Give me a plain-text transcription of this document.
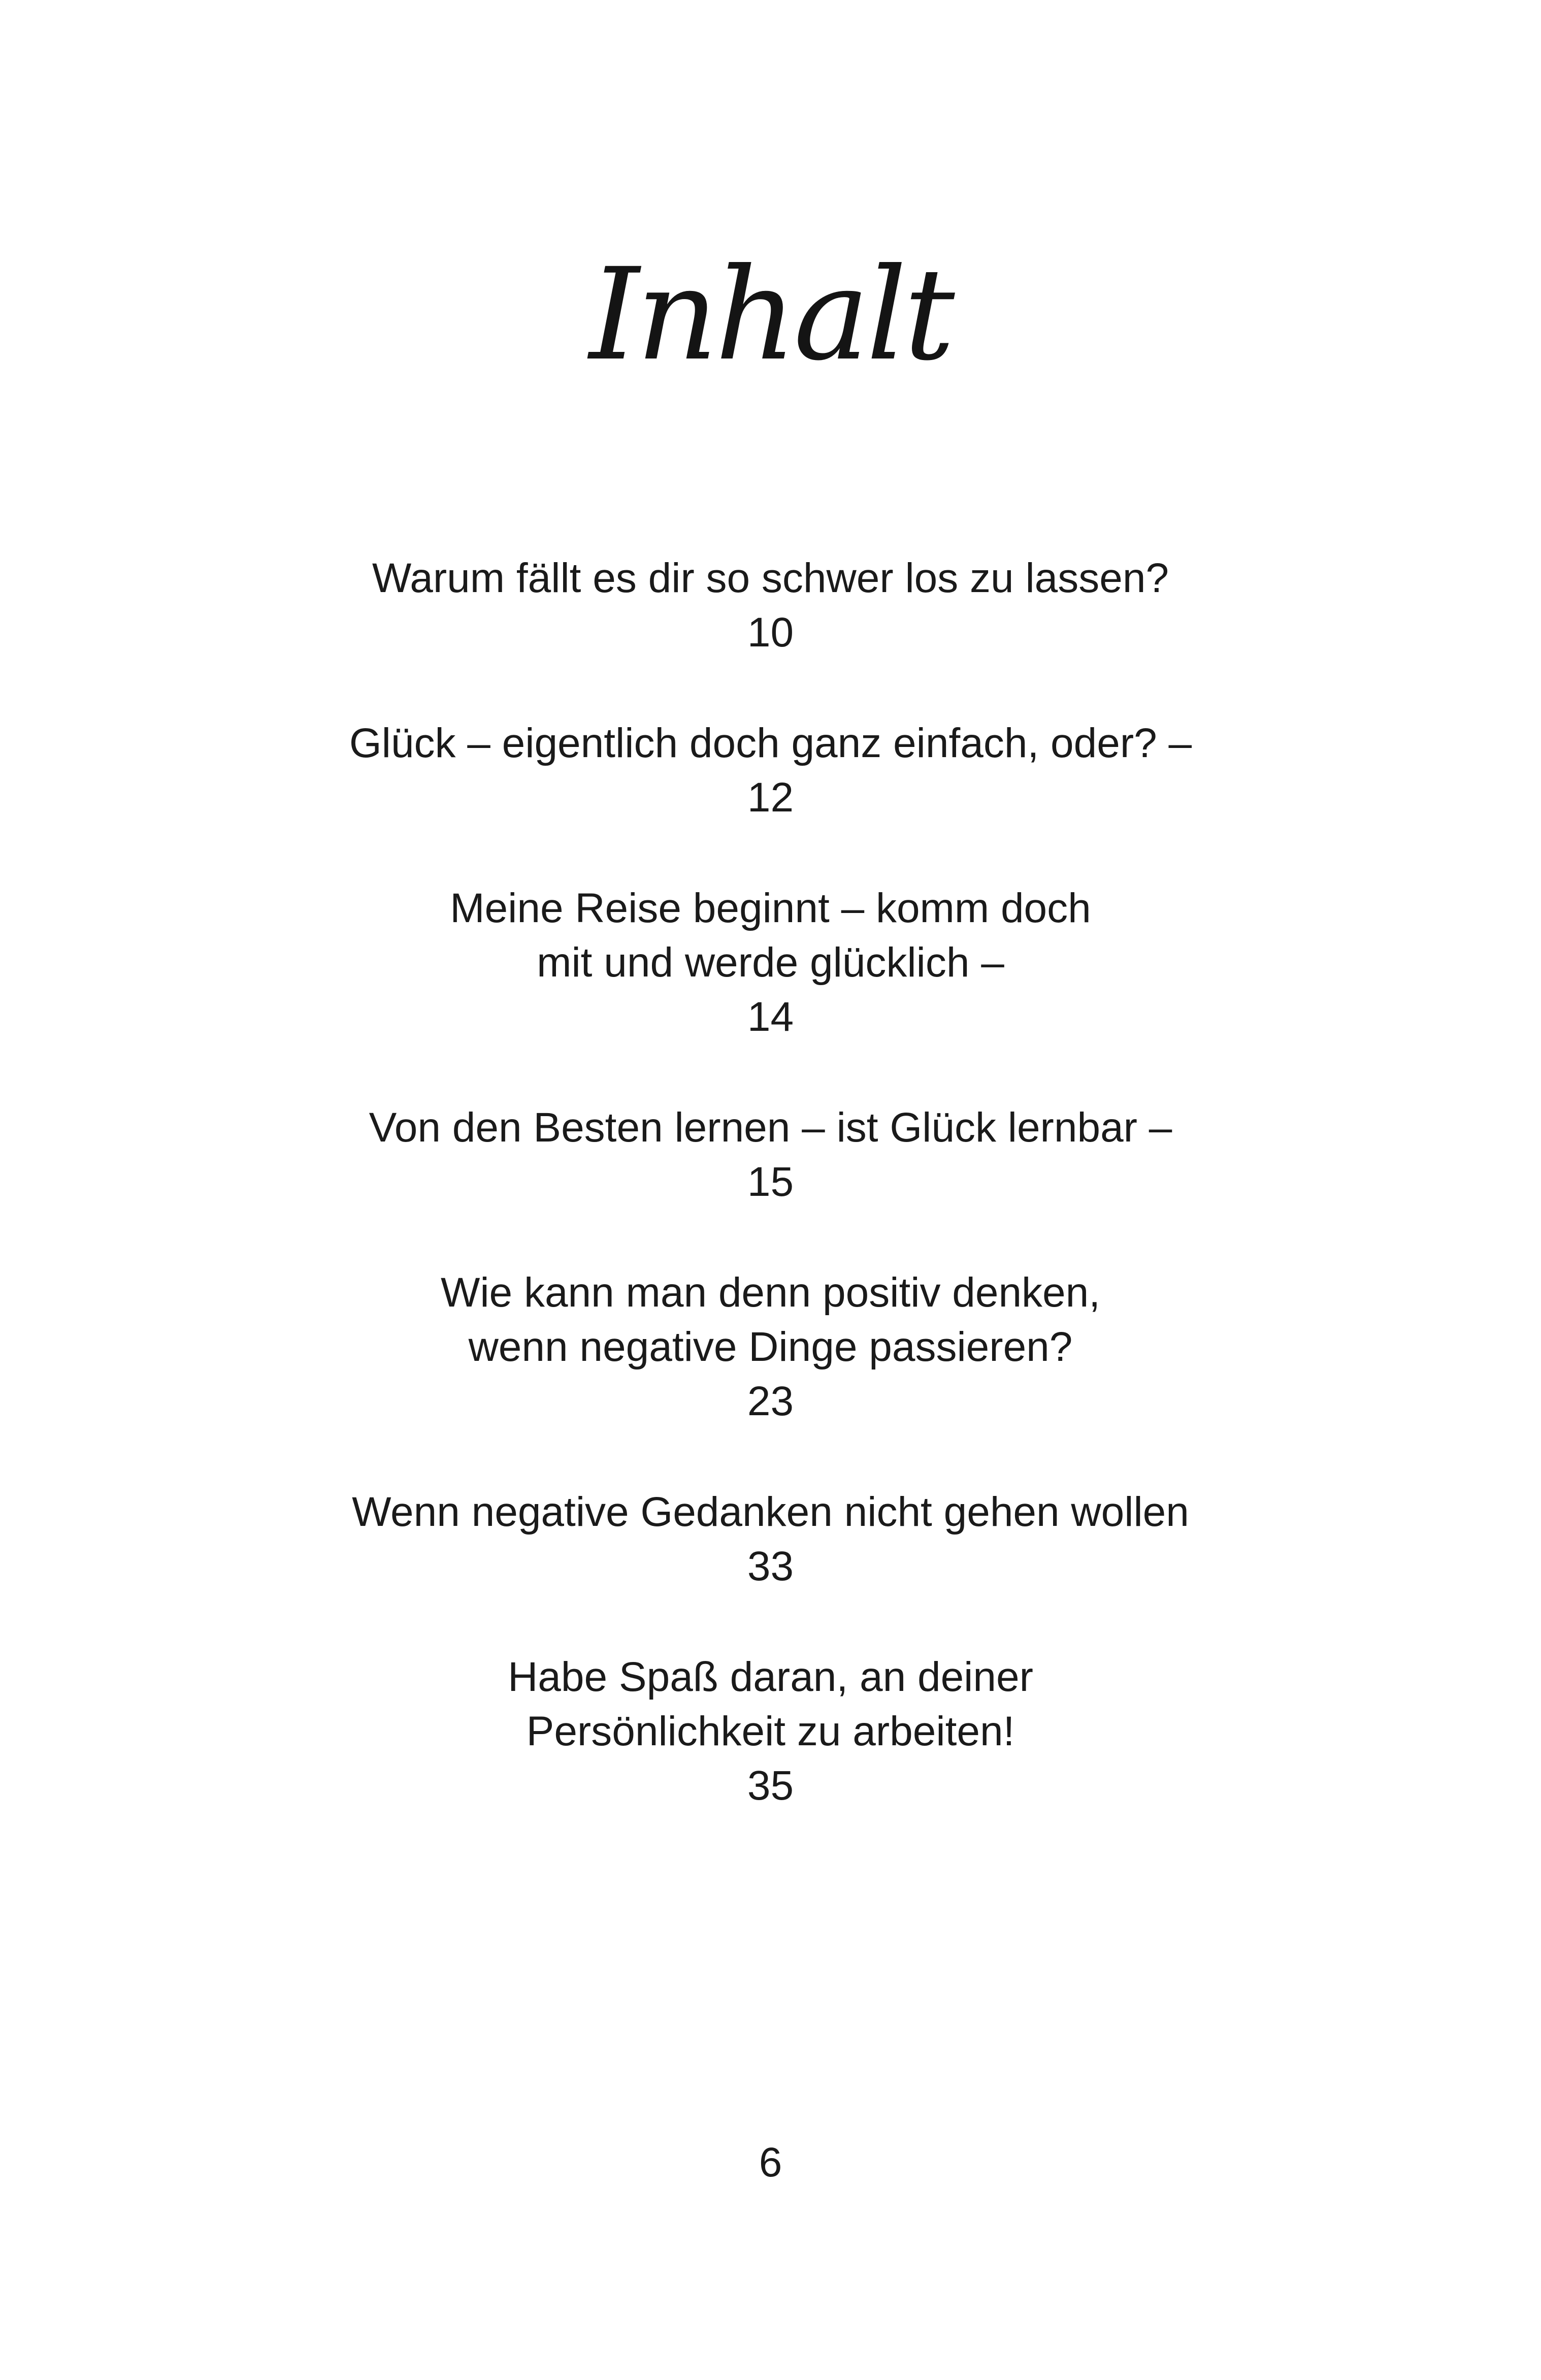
Inhalt
Warum fällt es dir so schwer los zu lassen?
10
Glück – eigentlich doch ganz einfach, oder? –
12
Meine Reise beginnt – komm doch
mit und werde glücklich –
14
Von den Besten lernen – ist Glück lernbar –
15
Wie kann man denn positiv denken,
wenn negative Dinge passieren?
23
Wenn negative Gedanken nicht gehen wollen
33
Habe Spaß daran, an deiner
Persönlichkeit zu arbeiten!
35
6
